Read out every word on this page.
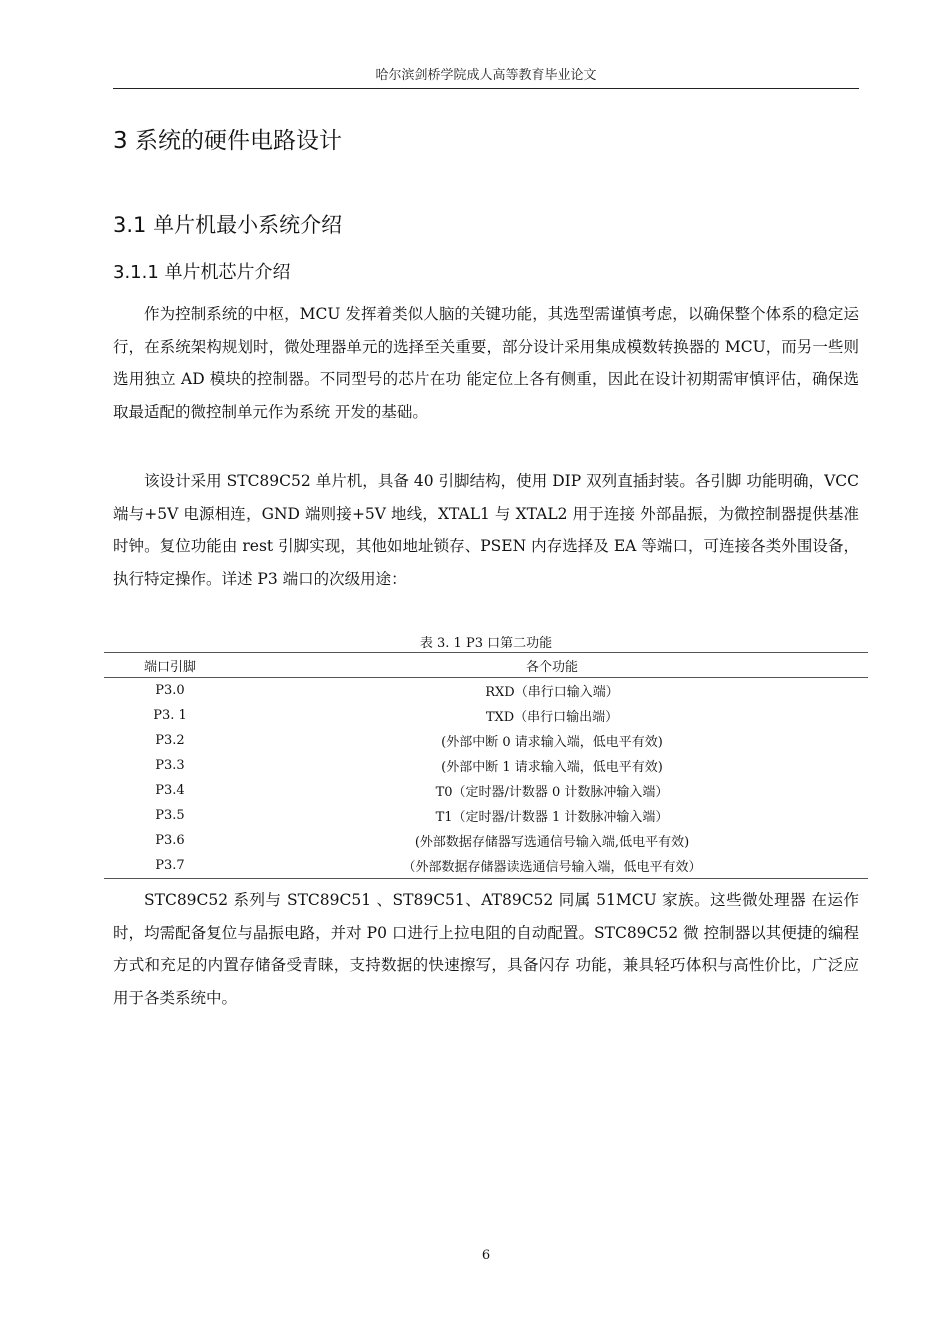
哈尔滨剑桥学院成人高等教育毕业论文
3 系统的硬件电路设计
3.1 单片机最小系统介绍
3.1.1 单片机芯片介绍

作为控制系统的中枢，MCU 发挥着类似人脑的关键功能，其选型需谨慎考虑，以确保整个体系的稳定运行，在系统架构规划时，微处理器单元的选择至关重要，部分设计采用集成模数转换器的 MCU，而另一些则选用独立 AD 模块的控制器。不同型号的芯片在功 能定位上各有侧重，因此在设计初期需审慎评估，确保选取最适配的微控制单元作为系统 开发的基础。

该设计采用 STC89C52 单片机，具备 40 引脚结构，使用 DIP 双列直插封装。各引脚 功能明确，VCC 端与+5V 电源相连，GND 端则接+5V 地线，XTAL1 与 XTAL2 用于连接 外部晶振，为微控制器提供基准时钟。复位功能由 rest 引脚实现，其他如地址锁存、PSEN 内存选择及 EA 等端口，可连接各类外围设备，执行特定操作。详述 P3 端口的次级用途：

表 3. 1 P3 口第二功能
端口引脚	各个功能
P3.0	RXD（串行口输入端）
P3. 1	TXD（串行口输出端）
P3.2	(外部中断 0 请求输入端，低电平有效)
P3.3	(外部中断 1 请求输入端，低电平有效)
P3.4	T0（定时器/计数器 0 计数脉冲输入端）
P3.5	T1（定时器/计数器 1 计数脉冲输入端）
P3.6	(外部数据存储器写选通信号输入端,低电平有效)
P3.7	（外部数据存储器读选通信号输入端，低电平有效）

STC89C52 系列与 STC89C51 、ST89C51、AT89C52 同属 51MCU 家族。这些微处理器 在运作时，均需配备复位与晶振电路，并对 P0 口进行上拉电阻的自动配置。STC89C52 微 控制器以其便捷的编程方式和充足的内置存储备受青睐，支持数据的快速擦写，具备闪存 功能，兼具轻巧体积与高性价比，广泛应用于各类系统中。

6
